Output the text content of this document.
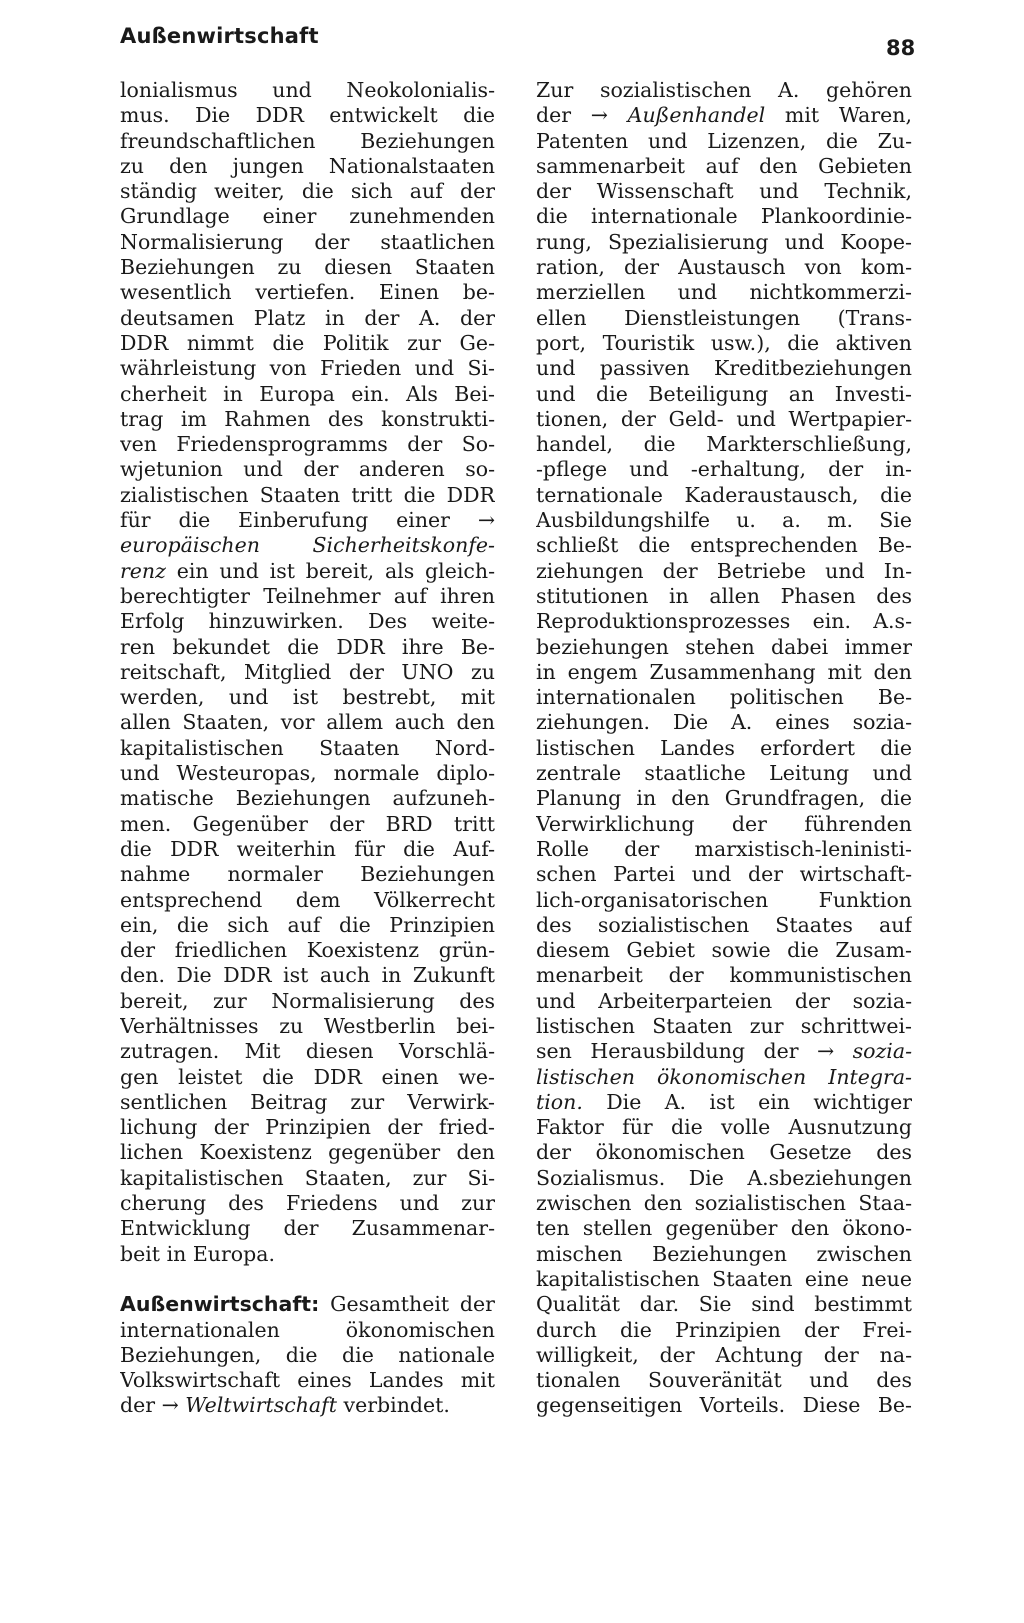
Außenwirtschaft	88
lonialismus und Neokolonialis-
mus. Die DDR entwickelt die
freundschaftlichen Beziehungen
zu den jungen Nationalstaaten
ständig weiter, die sich auf der
Grundlage einer zunehmenden
Normalisierung der staatlichen
Beziehungen zu diesen Staaten
wesentlich vertiefen. Einen be-
deutsamen Platz in der A. der
DDR nimmt die Politik zur Ge-
währleistung von Frieden und Si-
cherheit in Europa ein. Als Bei-
trag im Rahmen des konstrukti-
ven Friedensprogramms der So-
wjetunion und der anderen so-
zialistischen Staaten tritt die DDR
für die Einberufung einer →
europäischen Sicherheitskonfe-
renz ein und ist bereit, als gleich-
berechtigter Teilnehmer auf ihren
Erfolg hinzuwirken. Des weite-
ren bekundet die DDR ihre Be-
reitschaft, Mitglied der UNO zu
werden, und ist bestrebt, mit
allen Staaten, vor allem auch den
kapitalistischen Staaten Nord-
und Westeuropas, normale diplo-
matische Beziehungen aufzuneh-
men. Gegenüber der BRD tritt
die DDR weiterhin für die Auf-
nahme normaler Beziehungen
entsprechend dem Völkerrecht
ein, die sich auf die Prinzipien
der friedlichen Koexistenz grün-
den. Die DDR ist auch in Zukunft
bereit, zur Normalisierung des
Verhältnisses zu Westberlin bei-
zutragen. Mit diesen Vorschlä-
gen leistet die DDR einen we-
sentlichen Beitrag zur Verwirk-
lichung der Prinzipien der fried-
lichen Koexistenz gegenüber den
kapitalistischen Staaten, zur Si-
cherung des Friedens und zur
Entwicklung der Zusammenar-
beit in Europa.
Außenwirtschaft: Gesamtheit der
internationalen ökonomischen
Beziehungen, die die nationale
Volkswirtschaft eines Landes mit
der → Weltwirtschaft verbindet.
Zur sozialistischen A. gehören
der → Außenhandel mit Waren,
Patenten und Lizenzen, die Zu-
sammenarbeit auf den Gebieten
der Wissenschaft und Technik,
die internationale Plankoordinie-
rung, Spezialisierung und Koope-
ration, der Austausch von kom-
merziellen und nichtkommerzi-
ellen Dienstleistungen (Trans-
port, Touristik usw.), die aktiven
und passiven Kreditbeziehungen
und die Beteiligung an Investi-
tionen, der Geld- und Wertpapier-
handel, die Markterschließung,
-pflege und -erhaltung, der in-
ternationale Kaderaustausch, die
Ausbildungshilfe u. a. m. Sie
schließt die entsprechenden Be-
ziehungen der Betriebe und In-
stitutionen in allen Phasen des
Reproduktionsprozesses ein. A.s-
beziehungen stehen dabei immer
in engem Zusammenhang mit den
internationalen politischen Be-
ziehungen. Die A. eines sozia-
listischen Landes erfordert die
zentrale staatliche Leitung und
Planung in den Grundfragen, die
Verwirklichung der führenden
Rolle der marxistisch-leninisti-
schen Partei und der wirtschaft-
lich-organisatorischen Funktion
des sozialistischen Staates auf
diesem Gebiet sowie die Zusam-
menarbeit der kommunistischen
und Arbeiterparteien der sozia-
listischen Staaten zur schrittwei-
sen Herausbildung der → sozia-
listischen ökonomischen Integra-
tion. Die A. ist ein wichtiger
Faktor für die volle Ausnutzung
der ökonomischen Gesetze des
Sozialismus. Die A.sbeziehungen
zwischen den sozialistischen Staa-
ten stellen gegenüber den ökono-
mischen Beziehungen zwischen
kapitalistischen Staaten eine neue
Qualität dar. Sie sind bestimmt
durch die Prinzipien der Frei-
willigkeit, der Achtung der na-
tionalen Souveränität und des
gegenseitigen Vorteils. Diese Be-
